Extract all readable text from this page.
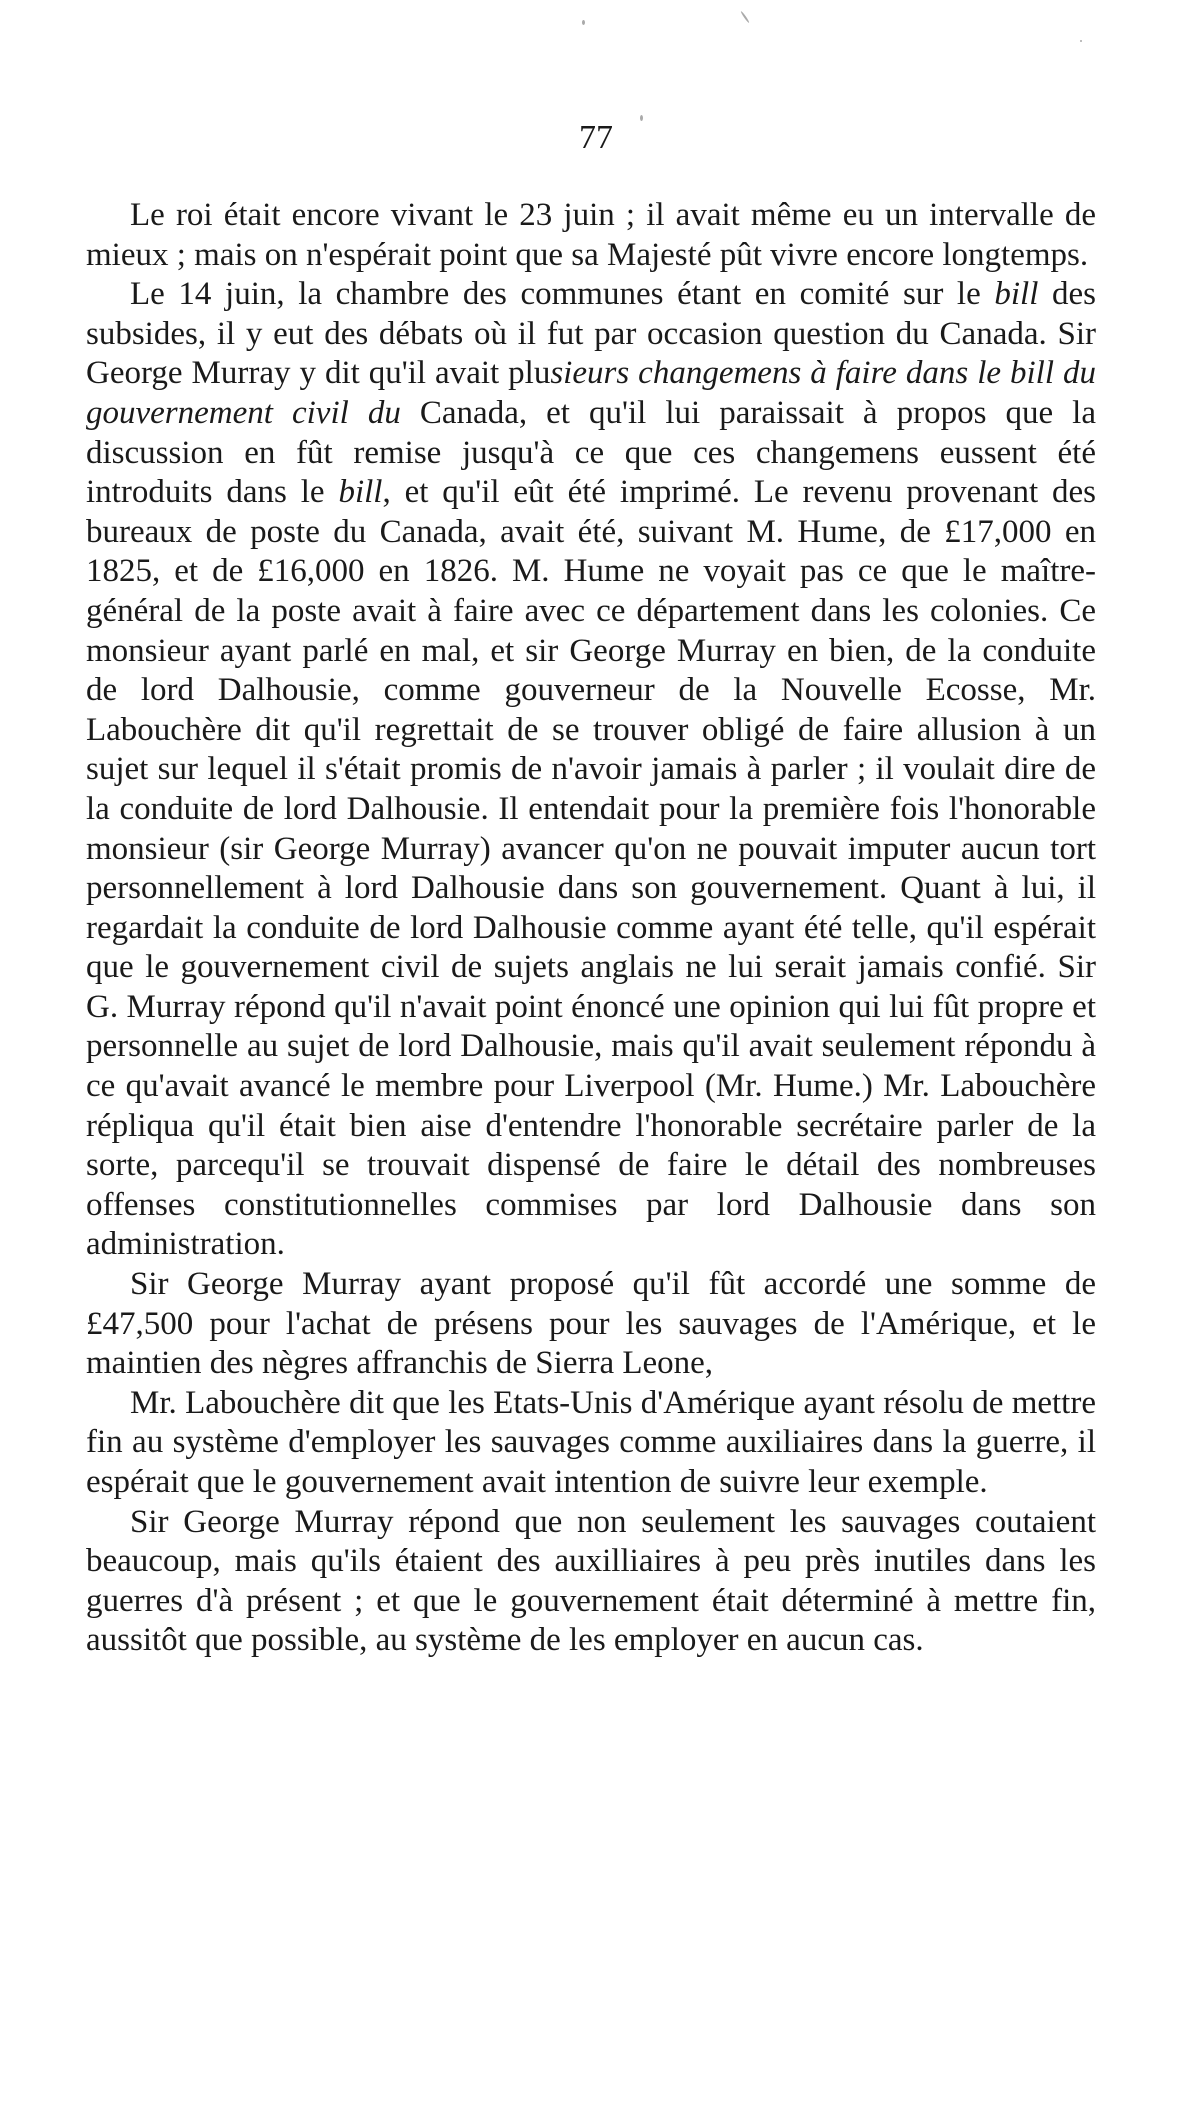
77

Le roi était encore vivant le 23 juin ; il avait même eu un intervalle de mieux ; mais on n'espérait point que sa Majesté pût vivre encore longtemps.

Le 14 juin, la chambre des communes étant en comité sur le bill des subsides, il y eut des débats où il fut par occasion question du Canada. Sir George Murray y dit qu'il avait plusieurs changemens à faire dans le bill du gouvernement civil du Canada, et qu'il lui paraissait à propos que la discussion en fût remise jusqu'à ce que ces changemens eussent été introduits dans le bill, et qu'il eût été imprimé. Le revenu provenant des bureaux de poste du Canada, avait été, suivant M. Hume, de £17,000 en 1825, et de £16,000 en 1826. M. Hume ne voyait pas ce que le maître-général de la poste avait à faire avec ce département dans les colonies. Ce monsieur ayant parlé en mal, et sir George Murray en bien, de la conduite de lord Dalhousie, comme gouverneur de la Nouvelle Ecosse, Mr. Labouchère dit qu'il regrettait de se trouver obligé de faire allusion à un sujet sur lequel il s'était promis de n'avoir jamais à parler ; il voulait dire de la conduite de lord Dalhousie. Il entendait pour la première fois l'honorable monsieur (sir George Murray) avancer qu'on ne pouvait imputer aucun tort personnellement à lord Dalhousie dans son gouvernement. Quant à lui, il regardait la conduite de lord Dalhousie comme ayant été telle, qu'il espérait que le gouvernement civil de sujets anglais ne lui serait jamais confié. Sir G. Murray répond qu'il n'avait point énoncé une opinion qui lui fût propre et personnelle au sujet de lord Dalhousie, mais qu'il avait seulement répondu à ce qu'avait avancé le membre pour Liverpool (Mr. Hume.) Mr. Labouchère répliqua qu'il était bien aise d'entendre l'honorable secrétaire parler de la sorte, parcequ'il se trouvait dispensé de faire le détail des nombreuses offenses constitutionnelles commises par lord Dalhousie dans son administration.

Sir George Murray ayant proposé qu'il fût accordé une somme de £47,500 pour l'achat de présens pour les sauvages de l'Amérique, et le maintien des nègres affranchis de Sierra Leone,

Mr. Labouchère dit que les Etats-Unis d'Amérique ayant résolu de mettre fin au système d'employer les sauvages comme auxiliaires dans la guerre, il espérait que le gouvernement avait intention de suivre leur exemple.

Sir George Murray répond que non seulement les sauvages coutaient beaucoup, mais qu'ils étaient des auxilliaires à peu près inutiles dans les guerres d'à présent ; et que le gouvernement était déterminé à mettre fin, aussitôt que possible, au système de les employer en aucun cas.
